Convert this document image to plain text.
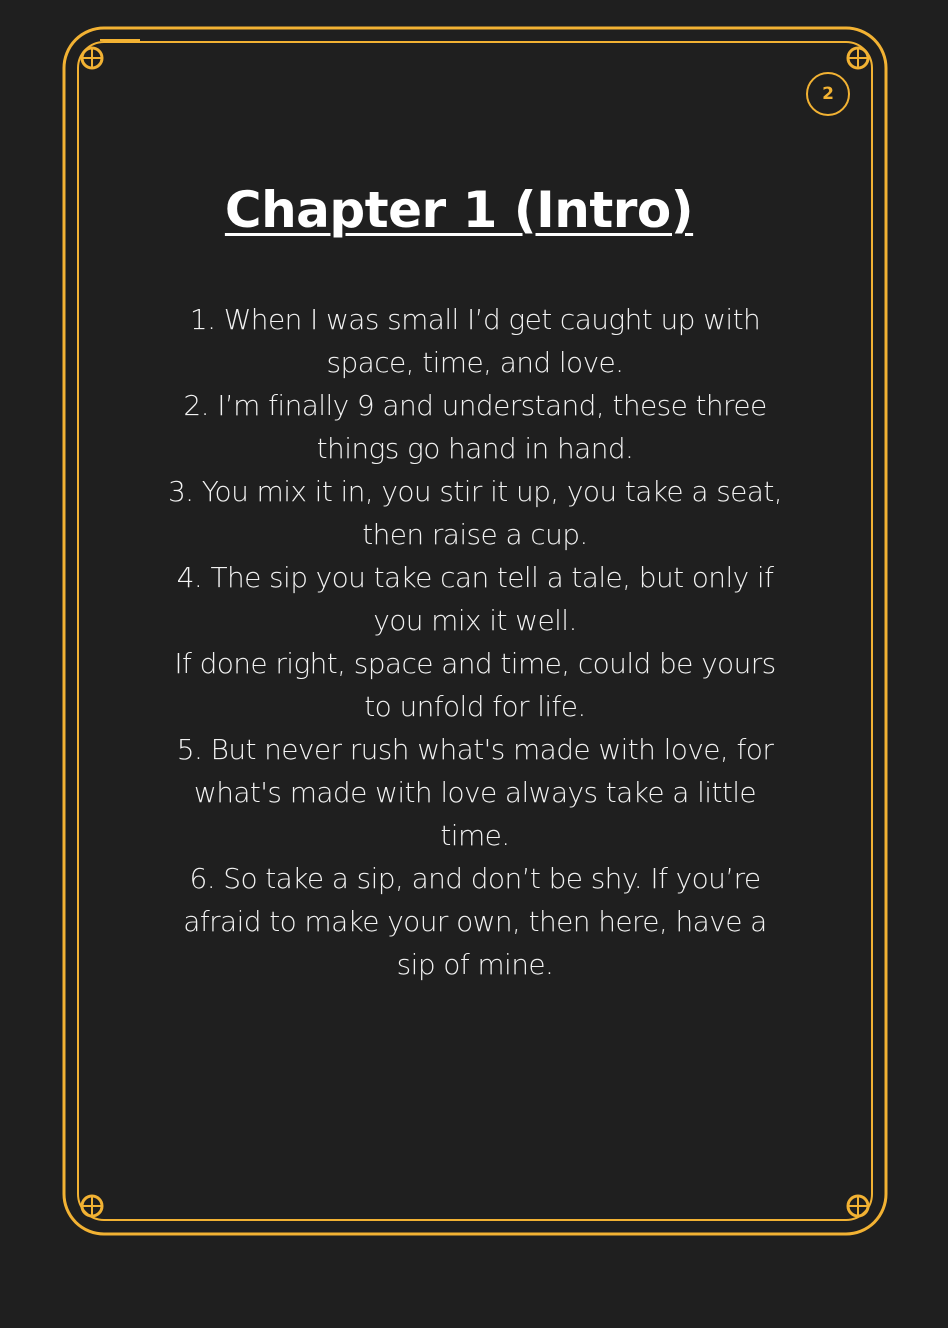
2
Chapter 1 (Intro)
1. When I was small I’d get caught up with space, time, and love.
2. I’m finally 9 and understand, these three things go hand in hand.
3. You mix it in, you stir it up, you take a seat, then raise a cup.
4. The sip you take can tell a tale, but only if you mix it well.
If done right, space and time, could be yours to unfold for life.
5. But never rush what's made with love, for what's made with love always take a little time.
6. So take a sip, and don’t be shy. If you’re afraid to make your own, then here, have a sip of mine.
